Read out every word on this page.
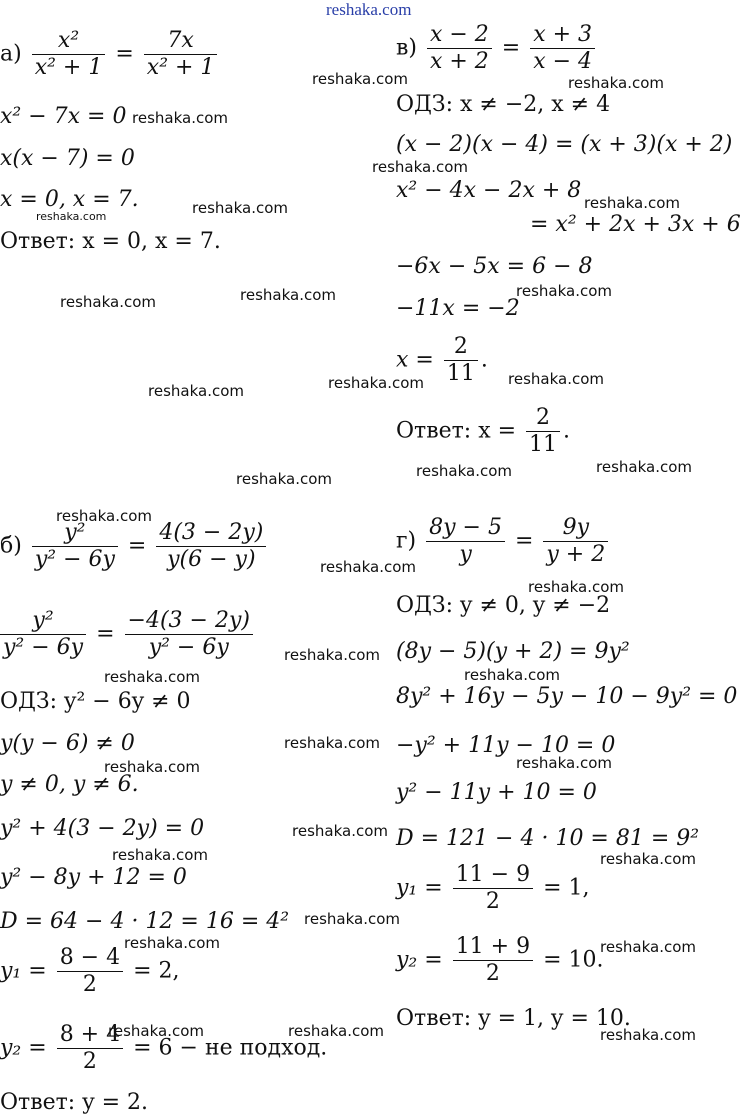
reshaka.com
$а) \frac{\text{x²}}{\text{x² + 1}} = \frac{7x}{\text{x² + 1}}$
x² − 7x = 0
x(x − 7) = 0
x = 0, x = 7.
Ответ: x = 0, x = 7.
$в) \frac{x - 2}{x + 2} = \frac{x + 3}{x - 4}$
ОДЗ: x ≠ −2, x ≠ 4
(x − 2)(x − 4) = (x + 3)(x + 2)
x² − 4x − 2x + 8
= x² + 2x + 3x + 6
−6x − 5x = 6 − 8
−11x = −2
$x = \frac{2}{11}$ .
Ответ: $x = \frac{2}{11}$ .
$б) \frac{\text{y²}}{\text{y² − 6y}} = \frac{4(3 - 2y)}{y(6 - y)}$
$\frac{\text{y²}}{\text{y² − 6y}} = \frac{-4(3 - 2y)}{\text{y² − 6y}}$
ОДЗ: y² − 6y ≠ 0
y(y − 6) ≠ 0
y ≠ 0, y ≠ 6.
y² + 4(3 − 2y) = 0
y² − 8y + 12 = 0
D = 64 − 4 · 12 = 16 = 4²
$y_1 = \frac{8 - 4}{2} = 2$,
$y_2 = \frac{8 + 4}{2} = 6$ − не подход.
Ответ: y = 2.
$г) \frac{8y - 5}{y} = \frac{9y}{y + 2}$
ОДЗ: y ≠ 0, y ≠ −2
(8y − 5)(y + 2) = 9y²
8y² + 16y − 5y − 10 − 9y² = 0
−y² + 11y − 10 = 0
y² − 11y + 10 = 0
D = 121 − 4 · 10 = 81 = 9²
$y_1 = \frac{11 - 9}{2} = 1$,
$y_2 = \frac{11 + 9}{2} = 10$.
Ответ: y = 1, y = 10.
reshaka.com	reshaka.com
reshaka.com
reshaka.com
reshaka.com
reshaka.com
reshaka.com
reshaka.com	reshaka.com
reshaka.com
reshaka.com
reshaka.com
reshaka.com
reshaka.com
reshaka.com
reshaka.com
reshaka.com
reshaka.com
reshaka.com
reshaka.com
reshaka.com
reshaka.com
reshaka.com
reshaka.com
reshaka.com
reshaka.com
reshaka.com
reshaka.com
reshaka.com
reshaka.com	reshaka.com
reshaka.com	reshaka.com	reshaka.com
